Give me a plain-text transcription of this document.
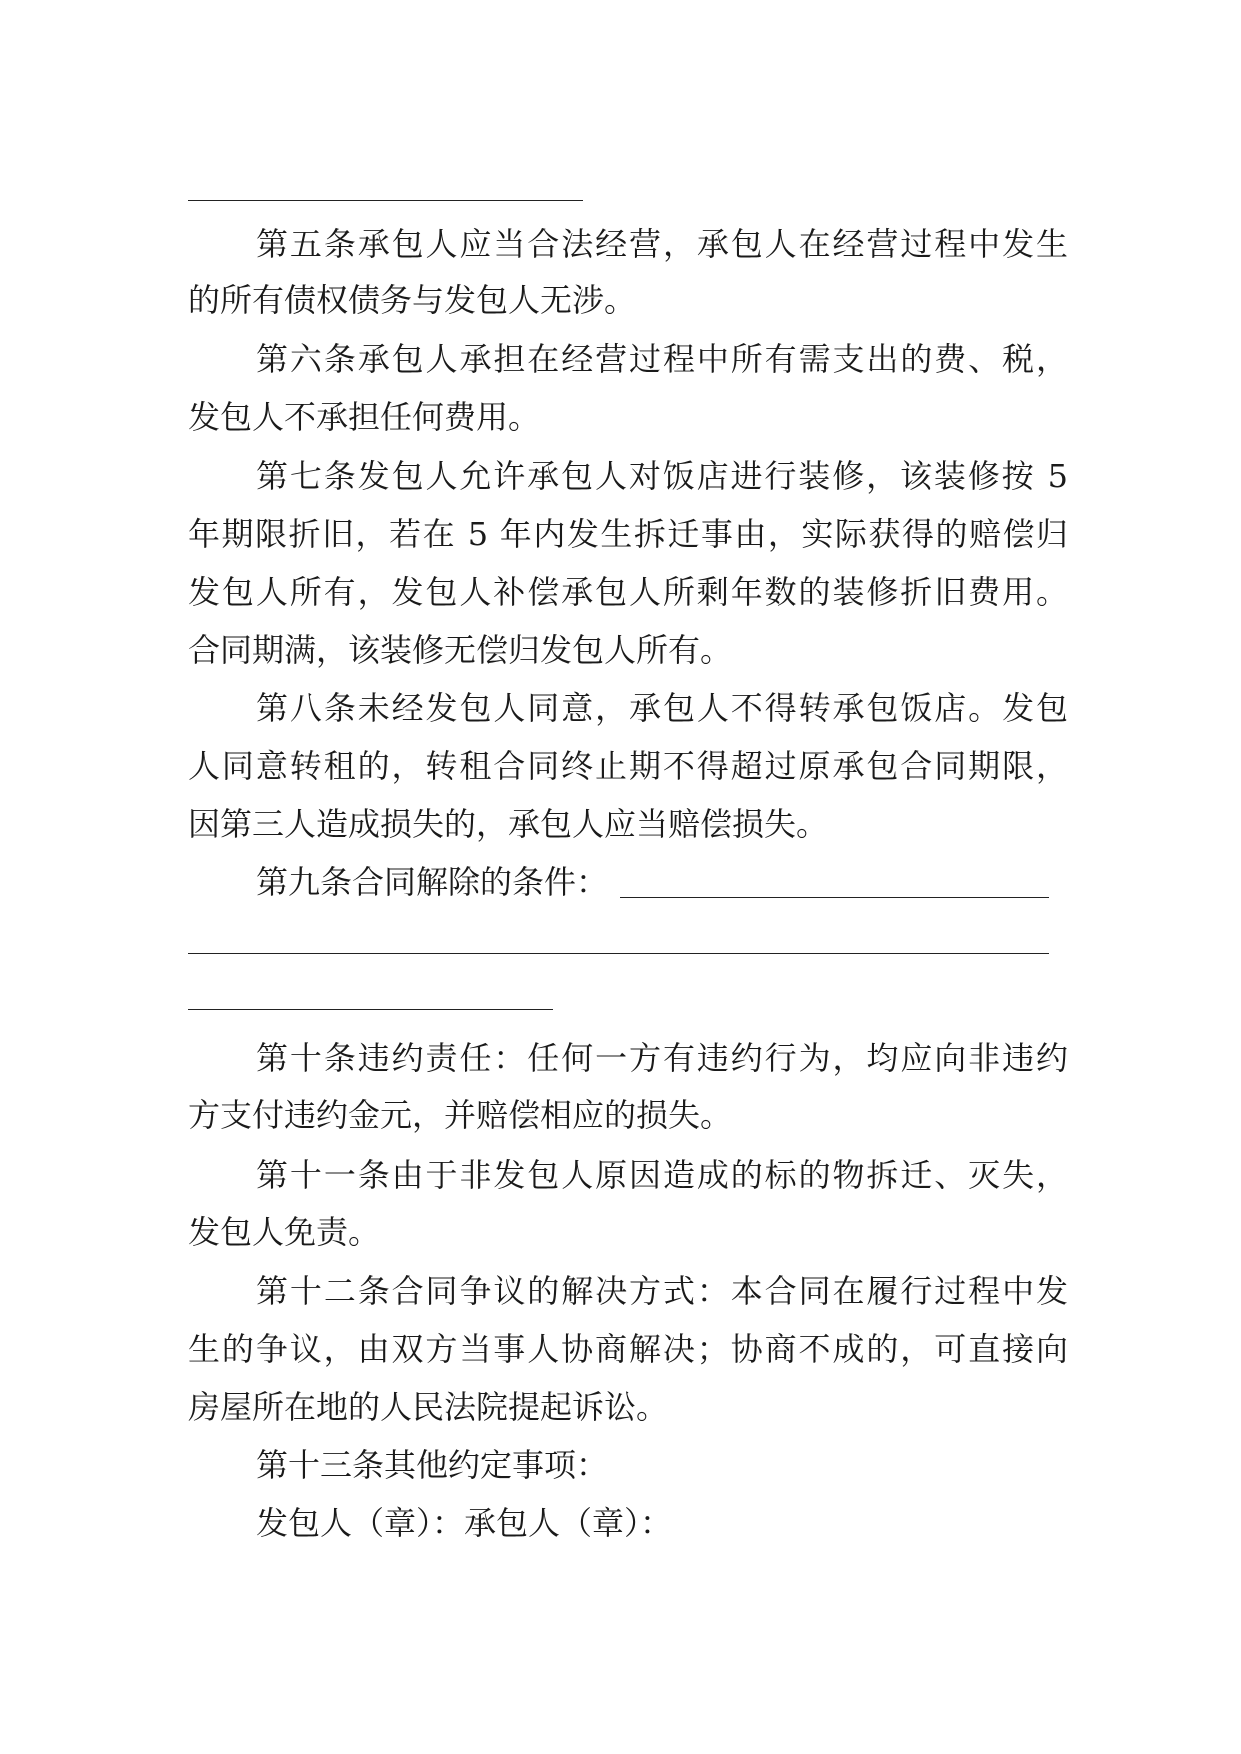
第五条承包人应当合法经营，承包人在经营过程中发生
的所有债权债务与发包人无涉。
第六条承包人承担在经营过程中所有需支出的费、税，
发包人不承担任何费用。
第七条发包人允许承包人对饭店进行装修，该装修按 5
年期限折旧，若在 5 年内发生拆迁事由，实际获得的赔偿归
发包人所有，发包人补偿承包人所剩年数的装修折旧费用。
合同期满，该装修无偿归发包人所有。
第八条未经发包人同意，承包人不得转承包饭店。发包
人同意转租的，转租合同终止期不得超过原承包合同期限，
因第三人造成损失的，承包人应当赔偿损失。
第九条合同解除的条件：
第十条违约责任：任何一方有违约行为，均应向非违约
方支付违约金元，并赔偿相应的损失。
第十一条由于非发包人原因造成的标的物拆迁、灭失，
发包人免责。
第十二条合同争议的解决方式：本合同在履行过程中发
生的争议，由双方当事人协商解决；协商不成的，可直接向
房屋所在地的人民法院提起诉讼。
第十三条其他约定事项：
发包人（章）：承包人（章）：
